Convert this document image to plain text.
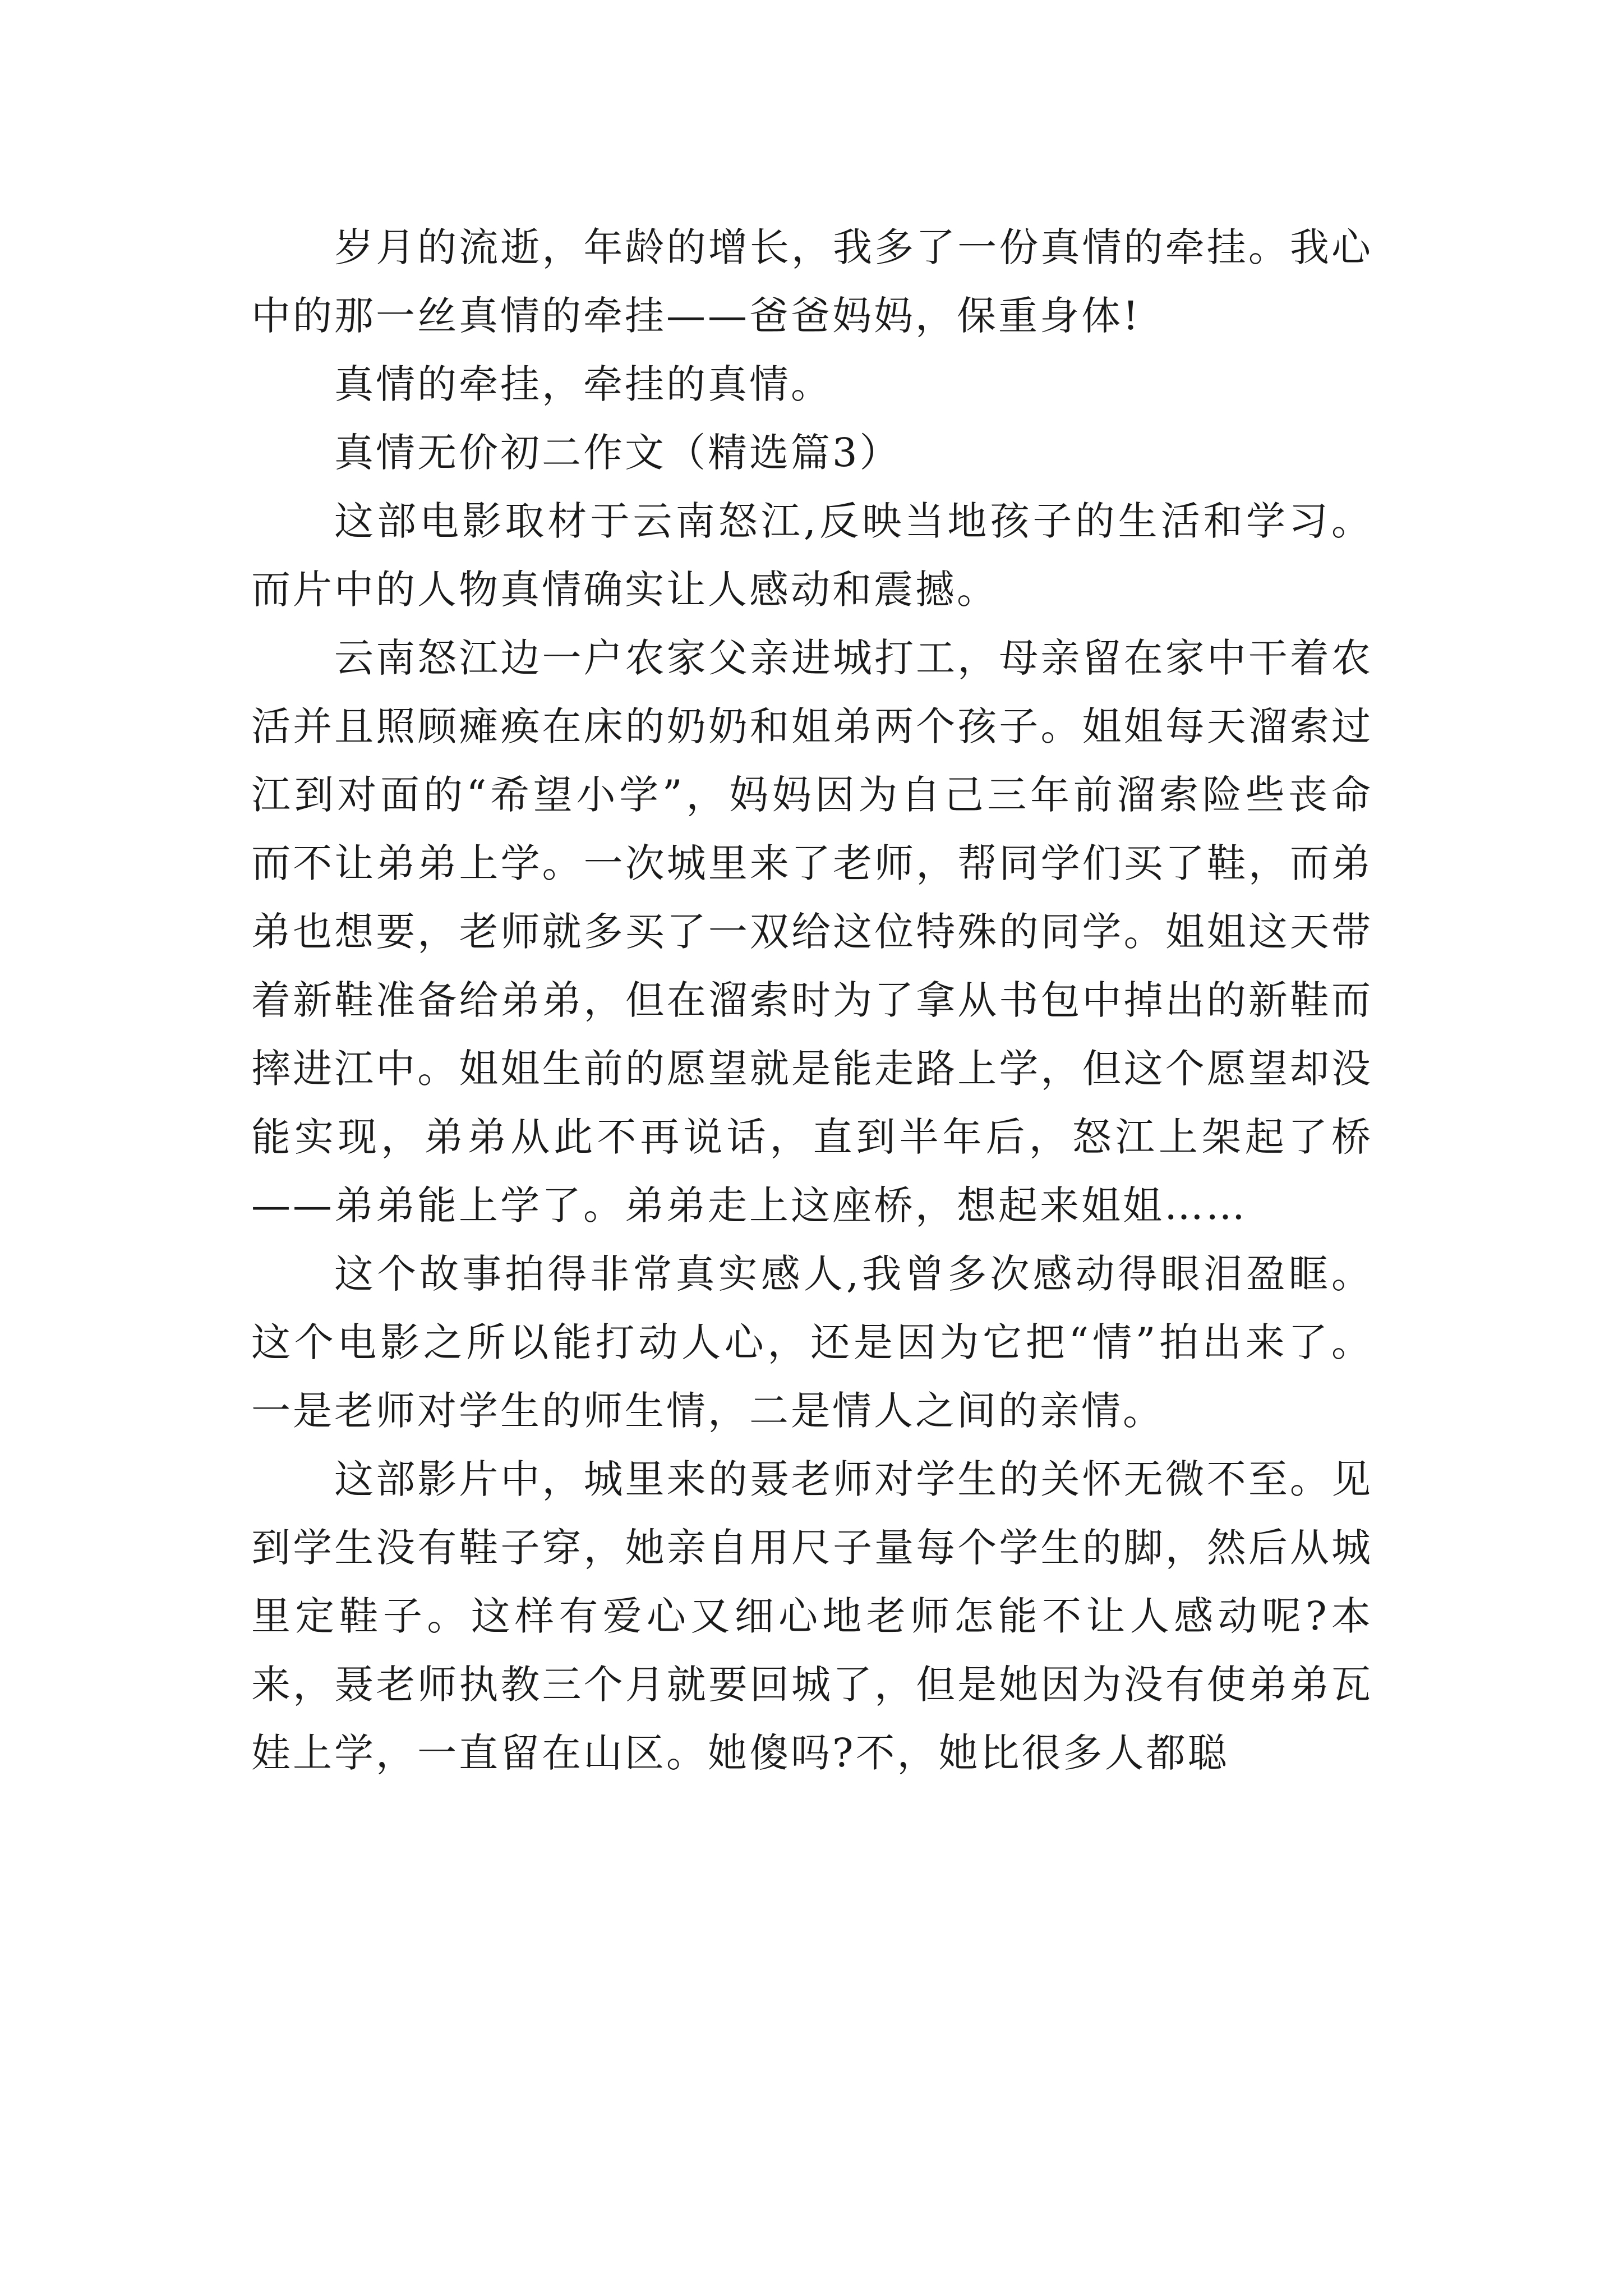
岁月的流逝，年龄的增长，我多了一份真情的牵挂。我心中的那一丝真情的牵挂——爸爸妈妈，保重身体!

真情的牵挂，牵挂的真情。

真情无价初二作文（精选篇3）

这部电影取材于云南怒江,反映当地孩子的生活和学习。而片中的人物真情确实让人感动和震撼。

云南怒江边一户农家父亲进城打工，母亲留在家中干着农活并且照顾瘫痪在床的奶奶和姐弟两个孩子。姐姐每天溜索过江到对面的“希望小学”，妈妈因为自己三年前溜索险些丧命而不让弟弟上学。一次城里来了老师，帮同学们买了鞋，而弟弟也想要，老师就多买了一双给这位特殊的同学。姐姐这天带着新鞋准备给弟弟，但在溜索时为了拿从书包中掉出的新鞋而摔进江中。姐姐生前的愿望就是能走路上学，但这个愿望却没能实现，弟弟从此不再说话，直到半年后，怒江上架起了桥——弟弟能上学了。弟弟走上这座桥，想起来姐姐……

这个故事拍得非常真实感人,我曾多次感动得眼泪盈眶。这个电影之所以能打动人心，还是因为它把“情”拍出来了。一是老师对学生的师生情，二是情人之间的亲情。

这部影片中，城里来的聂老师对学生的关怀无微不至。见到学生没有鞋子穿，她亲自用尺子量每个学生的脚，然后从城里定鞋子。这样有爱心又细心地老师怎能不让人感动呢?本来，聂老师执教三个月就要回城了，但是她因为没有使弟弟瓦娃上学，一直留在山区。她傻吗?不，她比很多人都聪
